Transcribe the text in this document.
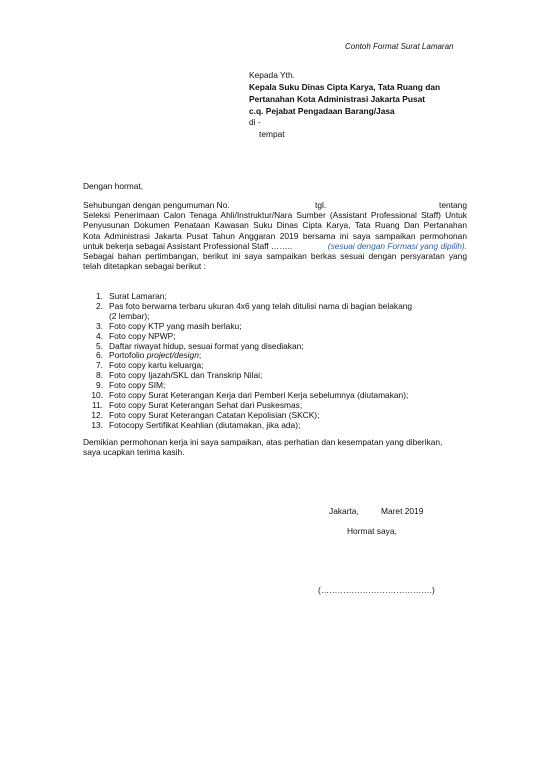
Contoh Format Surat Lamaran
Kepada Yth.
Kepala Suku Dinas Cipta Karya, Tata Ruang dan
Pertanahan Kota Administrasi Jakarta Pusat
c.q. Pejabat Pengadaan Barang/Jasa
di -
tempat
Dengan hormat,
Sehubungan dengan pengumuman No.	tgl.	tentang
Seleksi Penerimaan Calon Tenaga Ahli/Instruktur/Nara Sumber (Assistant Professional Staff) Untuk
Penyusunan Dokumen Penataan Kawasan Suku Dinas Cipta Karya, Tata Ruang Dan Pertanahan
Kota Administrasi Jakarta Pusat Tahun Anggaran 2019 bersama ini saya sampaikan permohonan
untuk bekerja sebagai Assistant Professional Staff ……..	(sesuai dengan Formasi yang dipilih).
Sebagai bahan pertimbangan, berikut ini saya sampaikan berkas sesuai dengan persyaratan yang
telah ditetapkan sebagai berikut :
1. Surat Lamaran;
2. Pas foto berwarna terbaru ukuran 4x6 yang telah ditulisi nama di bagian belakang
(2 lembar);
3. Foto copy KTP yang masih berlaku;
4. Foto copy NPWP;
5. Daftar riwayat hidup, sesuai format yang disediakan;
6. Portofolio project/design;
7. Foto copy kartu keluarga;
8. Foto copy Ijazah/SKL dan Transkrip Nilai;
9. Foto copy SIM;
10. Foto copy Surat Keterangan Kerja dari Pemberi Kerja sebelumnya (diutamakan);
11. Foto copy Surat Keterangan Sehat dari Puskesmas;
12. Foto copy Surat Keterangan Catatan Kepolisian (SKCK);
13. Fotocopy Sertifikat Keahlian (diutamakan, jika ada);
Demikian permohonan kerja ini saya sampaikan, atas perhatian dan kesempatan yang diberikan,
saya ucapkan terima kasih.
Jakarta,	Maret 2019
Hormat saya,
(………………………………….)
